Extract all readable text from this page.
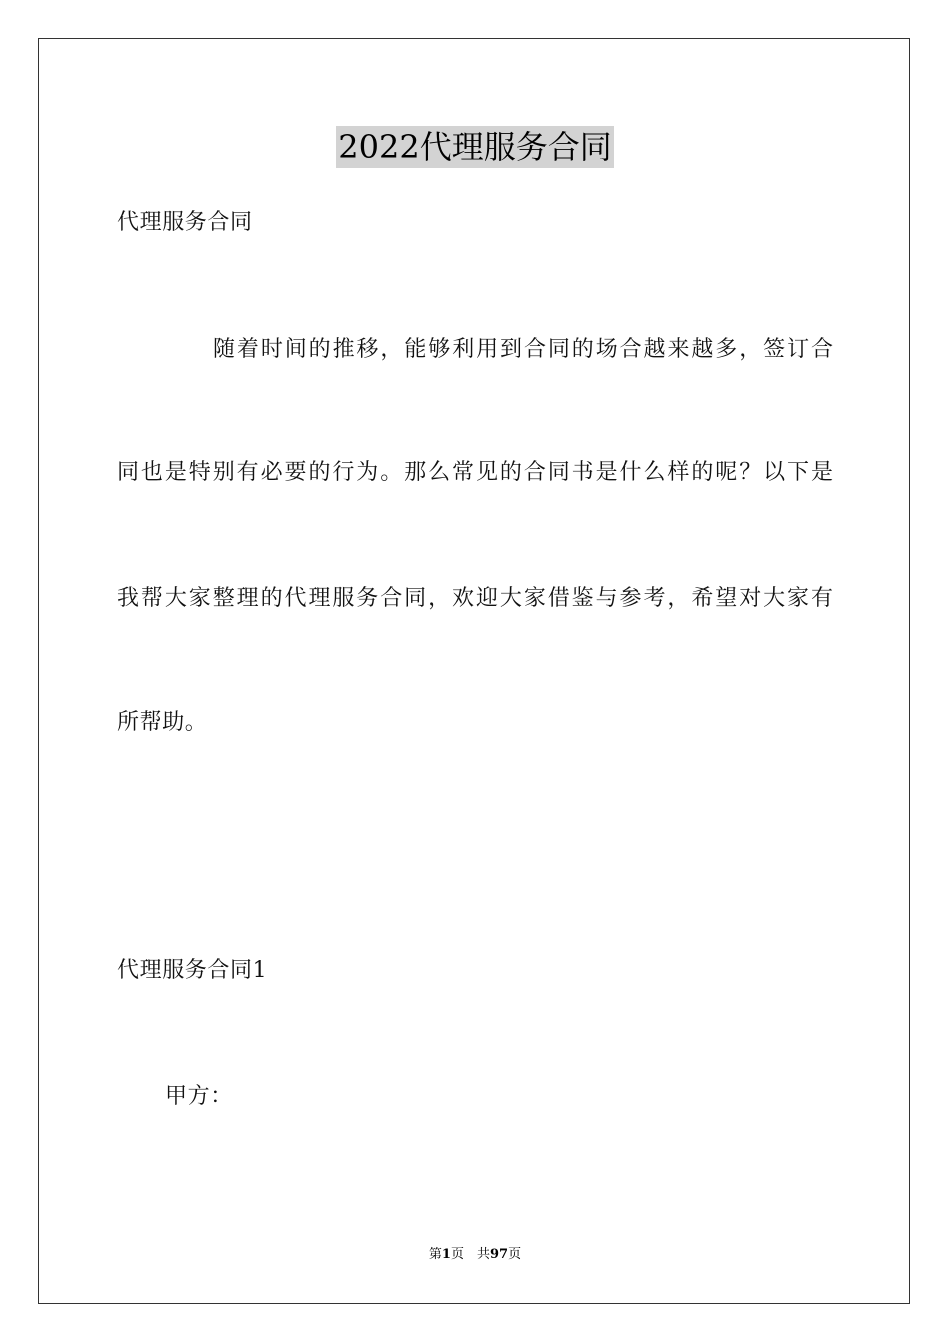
2022代理服务合同
代理服务合同
随着时间的推移，能够利用到合同的场合越来越多，签订合
同也是特别有必要的行为。那么常见的合同书是什么样的呢？以下是
我帮大家整理的代理服务合同，欢迎大家借鉴与参考，希望对大家有
所帮助。
代理服务合同1
甲方：
第1页　共97页
